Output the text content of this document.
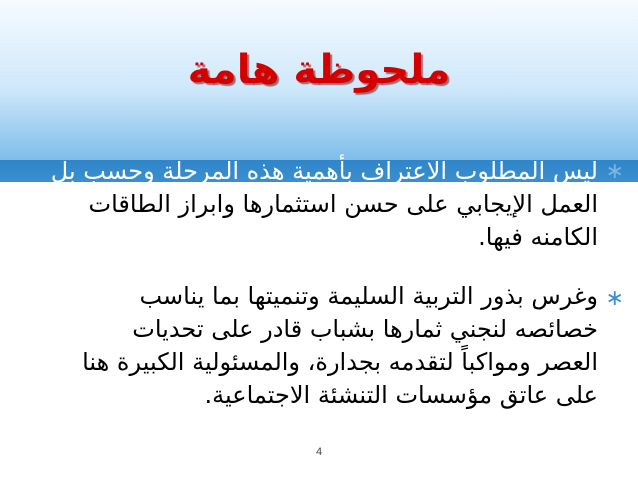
ملحوظة هامة
∗
ليس المطلوب الاعتراف بأهمية هذه المرحلة وحسب بل
العمل الإيجابي على حسن استثمارها وابراز الطاقات
الكامنه فيها.
∗
وغرس بذور التربية السليمة وتنميتها بما يناسب
خصائصه لنجني ثمارها بشباب قادر على تحديات
العصر ومواكباً لتقدمه بجدارة، والمسئولية الكبيرة هنا
على عاتق مؤسسات التنشئة الاجتماعية.
4
